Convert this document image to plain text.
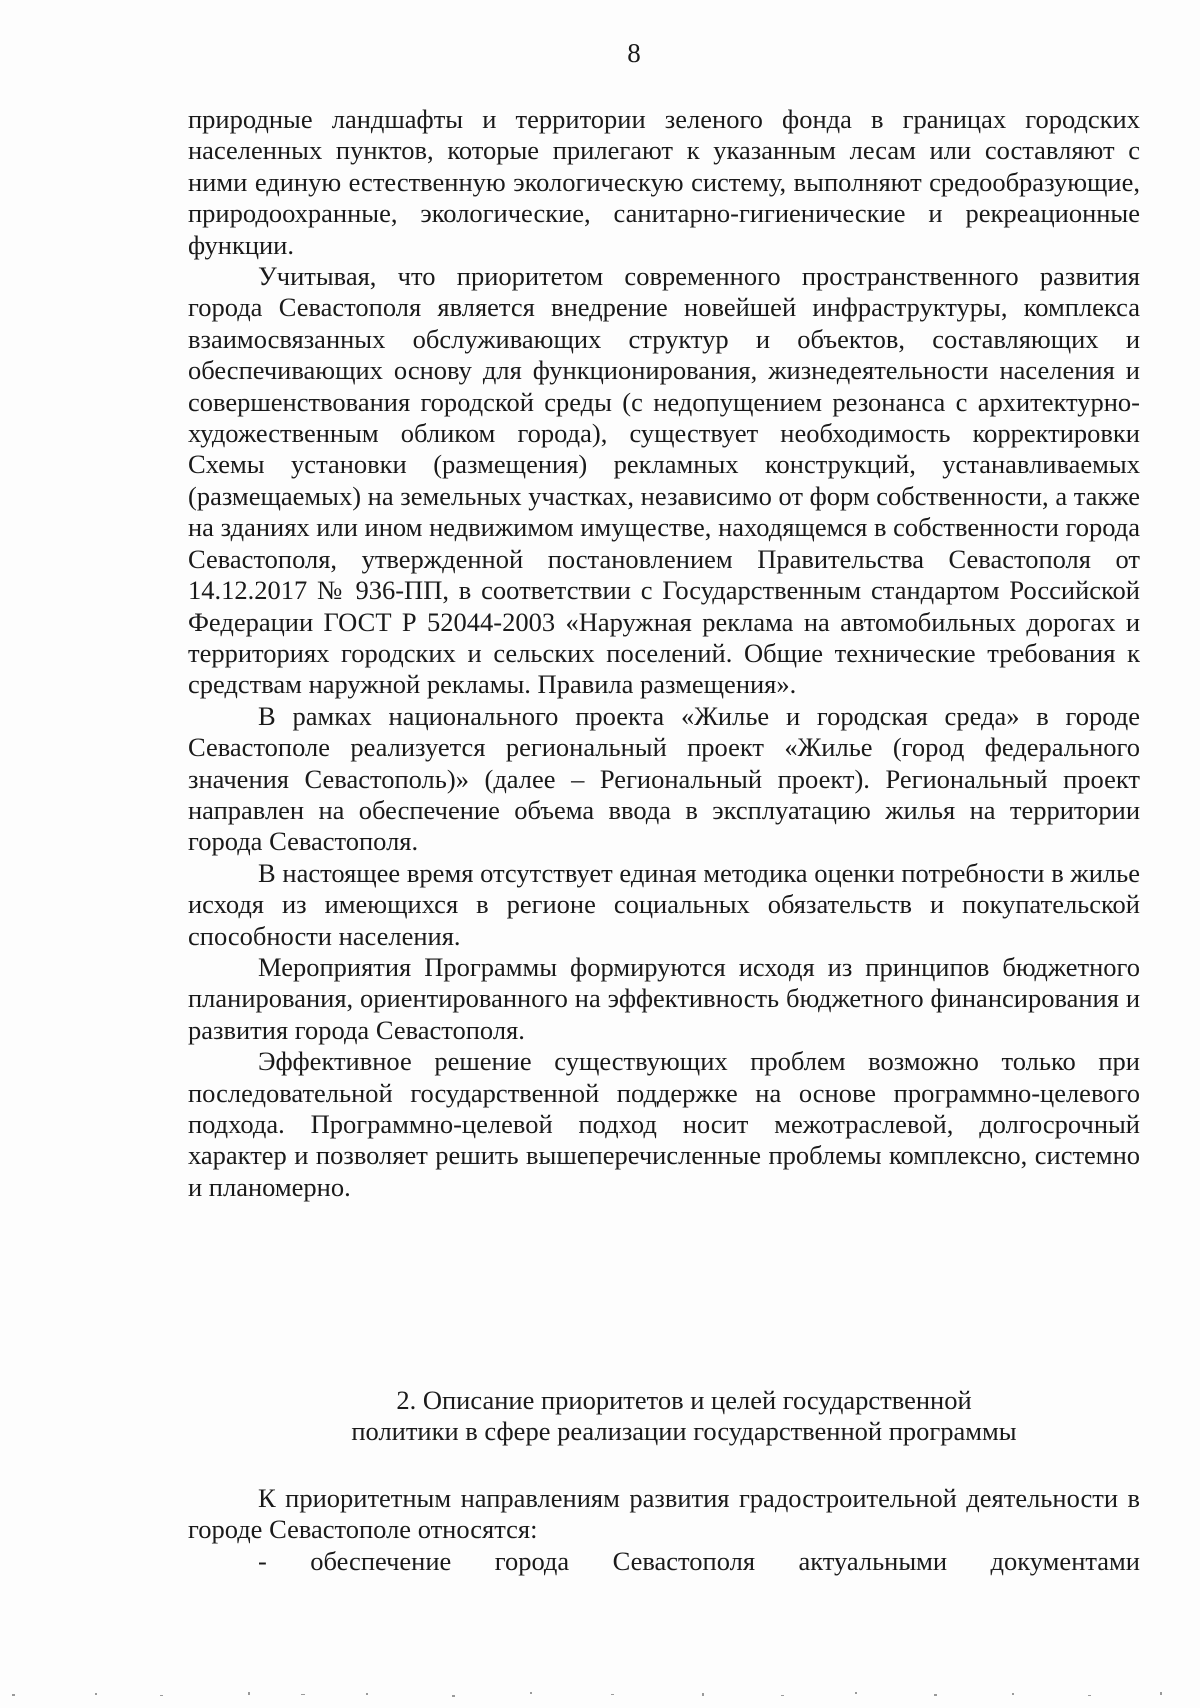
8

природные ландшафты и территории зеленого фонда в границах городских населенных пунктов, которые прилегают к указанным лесам или составляют с ними единую естественную экологическую систему, выполняют средообразующие, природоохранные, экологические, санитарно-гигиенические и рекреационные функции.

Учитывая, что приоритетом современного пространственного развития города Севастополя является внедрение новейшей инфраструктуры, комплекса взаимосвязанных обслуживающих структур и объектов, составляющих и обеспечивающих основу для функционирования, жизнедеятельности населения и совершенствования городской среды (с недопущением резонанса с архитектурно-художественным обликом города), существует необходимость корректировки Схемы установки (размещения) рекламных конструкций, устанавливаемых (размещаемых) на земельных участках, независимо от форм собственности, а также на зданиях или ином недвижимом имуществе, находящемся в собственности города Севастополя, утвержденной постановлением Правительства Севастополя от 14.12.2017 № 936-ПП, в соответствии с Государственным стандартом Российской Федерации ГОСТ Р 52044-2003 «Наружная реклама на автомобильных дорогах и территориях городских и сельских поселений. Общие технические требования к средствам наружной рекламы. Правила размещения».

В рамках национального проекта «Жилье и городская среда» в городе Севастополе реализуется региональный проект «Жилье (город федерального значения Севастополь)» (далее – Региональный проект). Региональный проект направлен на обеспечение объема ввода в эксплуатацию жилья на территории города Севастополя.

В настоящее время отсутствует единая методика оценки потребности в жилье исходя из имеющихся в регионе социальных обязательств и покупательской способности населения.

Мероприятия Программы формируются исходя из принципов бюджетного планирования, ориентированного на эффективность бюджетного финансирования и развития города Севастополя.

Эффективное решение существующих проблем возможно только при последовательной государственной поддержке на основе программно-целевого подхода. Программно-целевой подход носит межотраслевой, долгосрочный характер и позволяет решить вышеперечисленные проблемы комплексно, системно и планомерно.

2. Описание приоритетов и целей государственной
политики в сфере реализации государственной программы

К приоритетным направлениям развития градостроительной деятельности в городе Севастополе относятся:

- обеспечение города Севастополя актуальными документами
